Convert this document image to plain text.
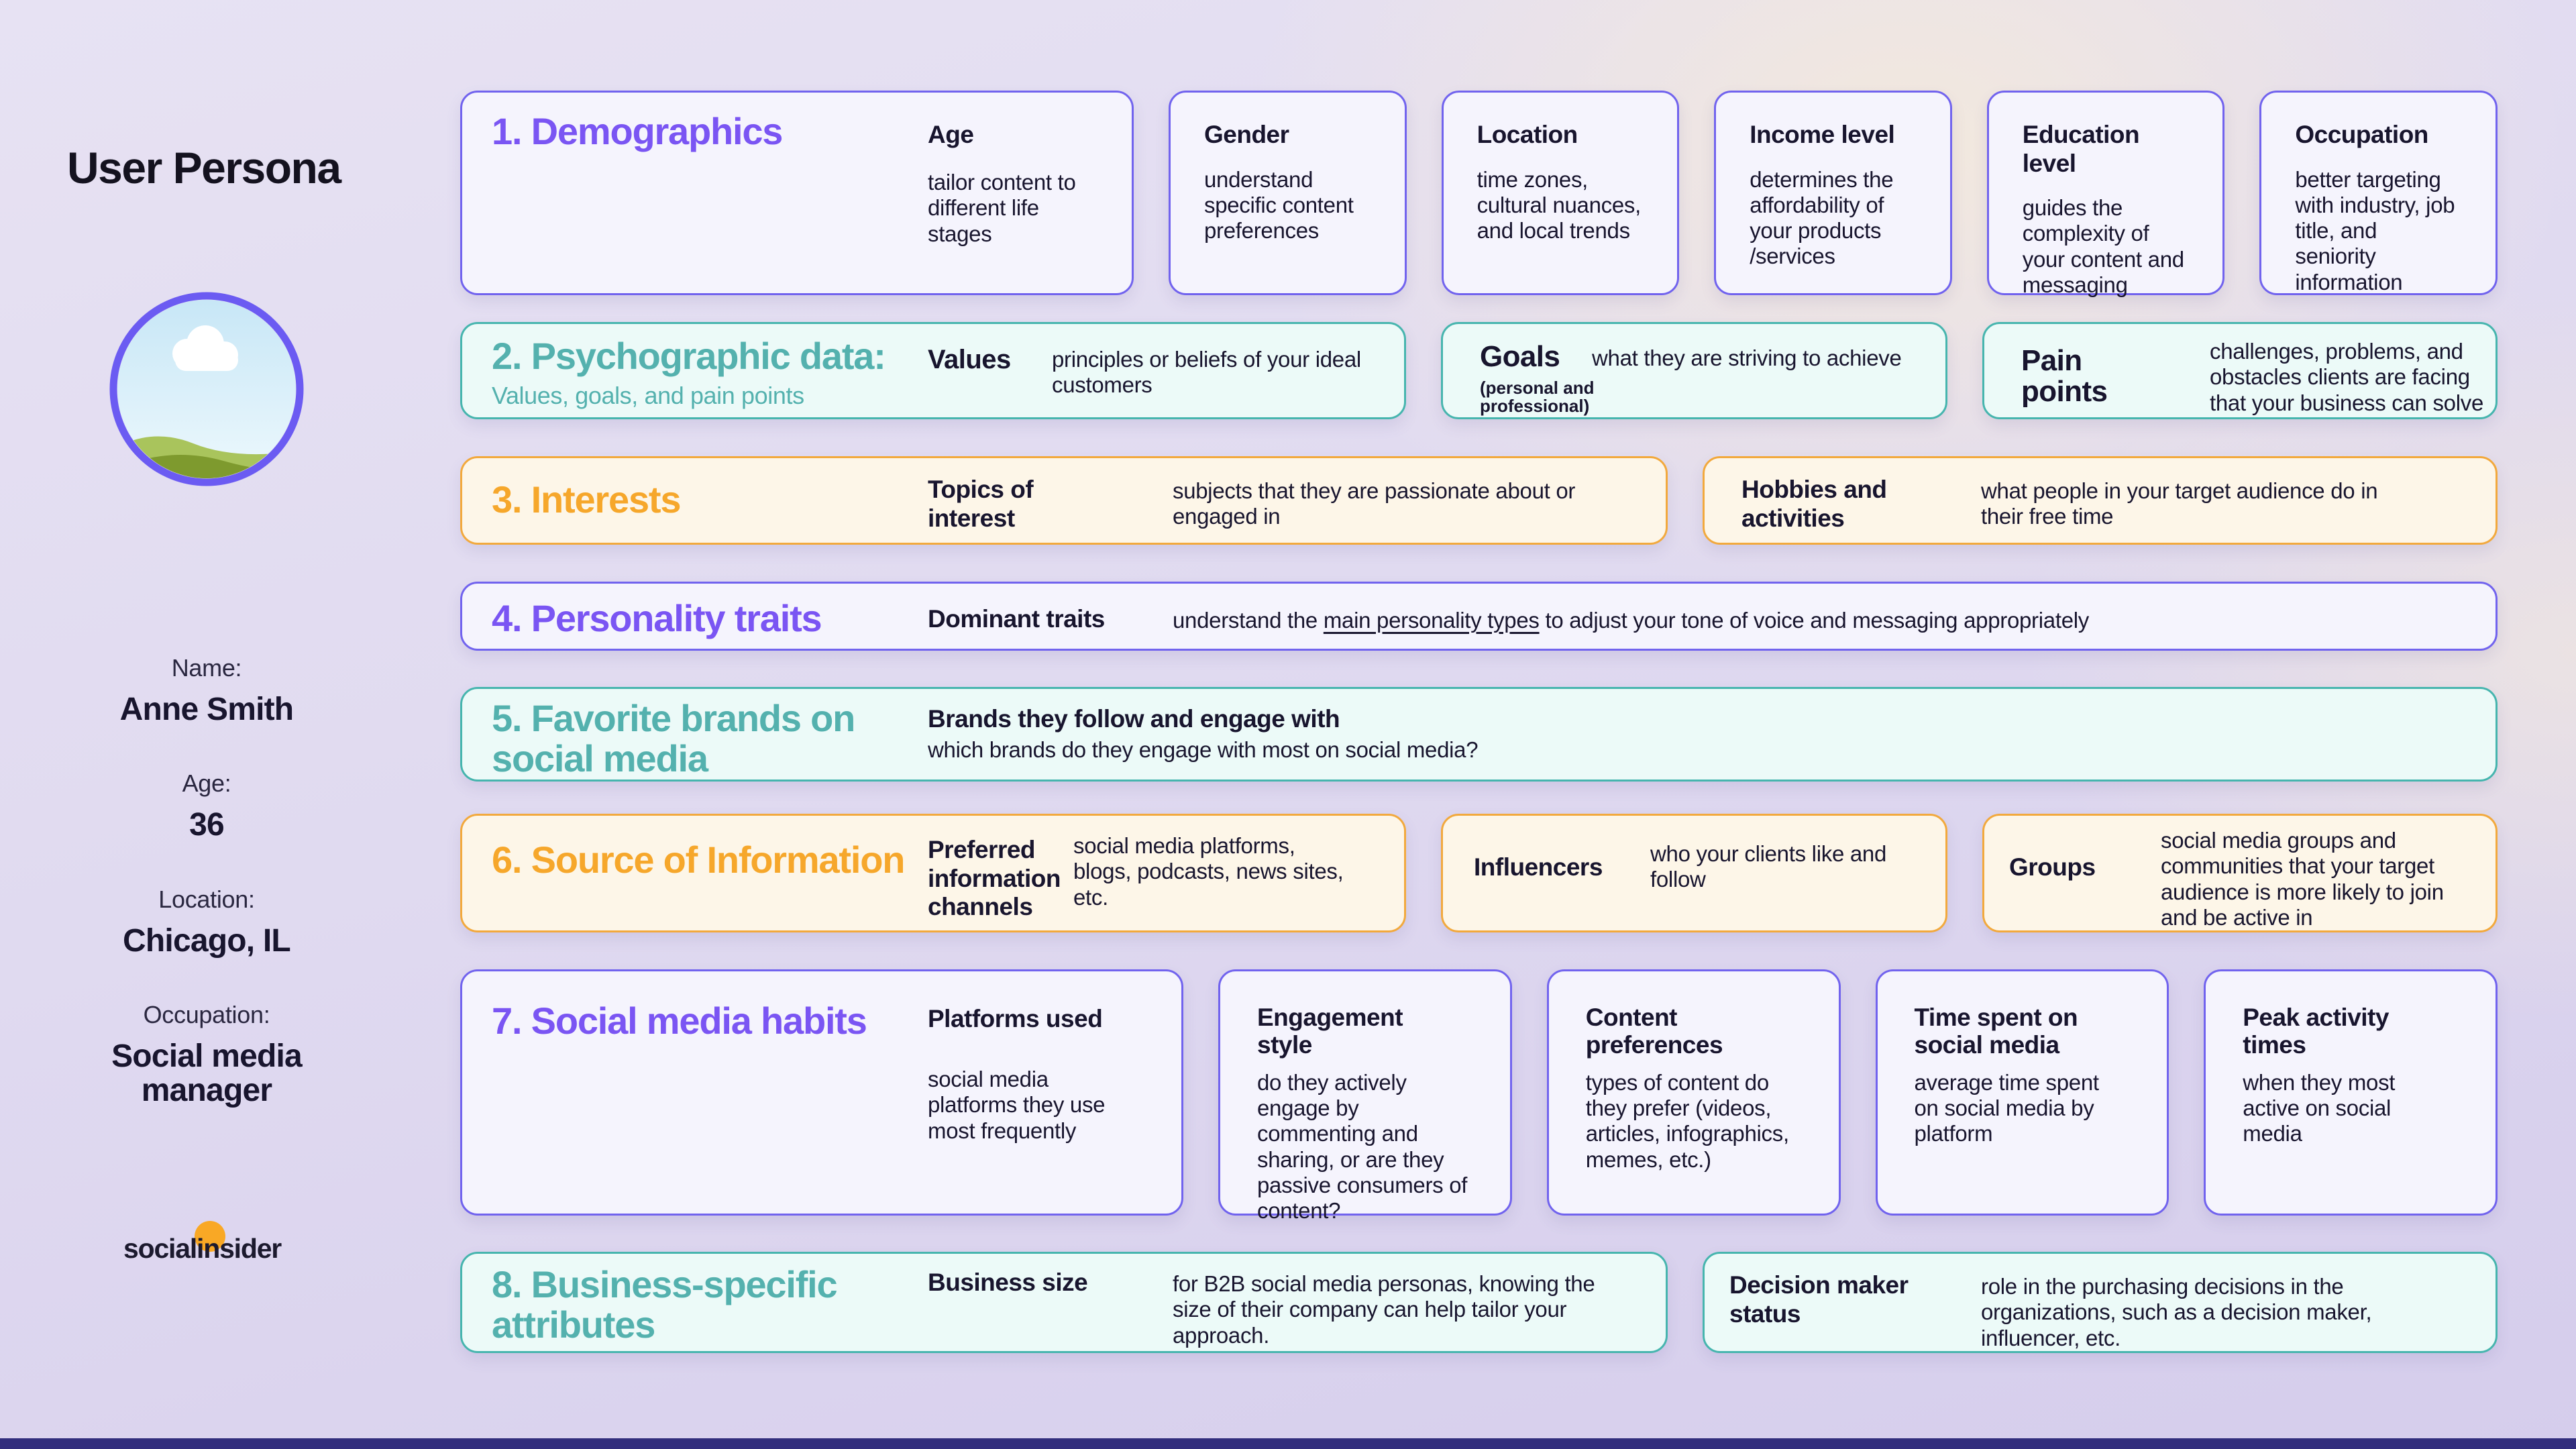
User Persona
Name:
Anne Smith
Age:
36
Location:
Chicago, IL
Occupation:
Social media manager
socialinsider
1. Demographics	Age
tailor content to different life stages
Gender
understand specific content preferences
Location
time zones, cultural nuances, and local trends
Income level
determines the affordability of your products /services
Education level
guides the complexity of your content and messaging
Occupation
better targeting with industry, job title, and seniority information
2. Psychographic data:
Values, goals, and pain points
Values principles or beliefs of your ideal customers
Goals
(personal and professional)
what they are striving to achieve	Pain points
challenges, problems, and obstacles clients are facing that your business can solve
3. Interests	Topics of interest
subjects that they are passionate about or engaged in
Hobbies and activities
what people in your target audience do in their free time
4. Personality traits	Dominant traits	understand the main personality types to adjust your tone of voice and messaging appropriately
5. Favorite brands on social media
Brands they follow and engage with
which brands do they engage with most on social media?
6. Source of Information Preferred information channels
social media platforms, blogs, podcasts, news sites, etc.
Influencers who your clients like and follow	Groups
social media groups and communities that your target audience is more likely to join and be active in
7. Social media habits Platforms used
social media platforms they use most frequently
Engagement style
do they actively engage by commenting and sharing, or are they passive consumers of content?
Content preferences
types of content do they prefer (videos, articles, infographics, memes, etc.)
Time spent on social media
average time spent on social media by platform
Peak activity times
when they most active on social media
8. Business-specific attributes
Business size	for B2B social media personas, knowing the size of their company can help tailor your approach.
Decision maker status
role in the purchasing decisions in the organizations, such as a decision maker, influencer, etc.
